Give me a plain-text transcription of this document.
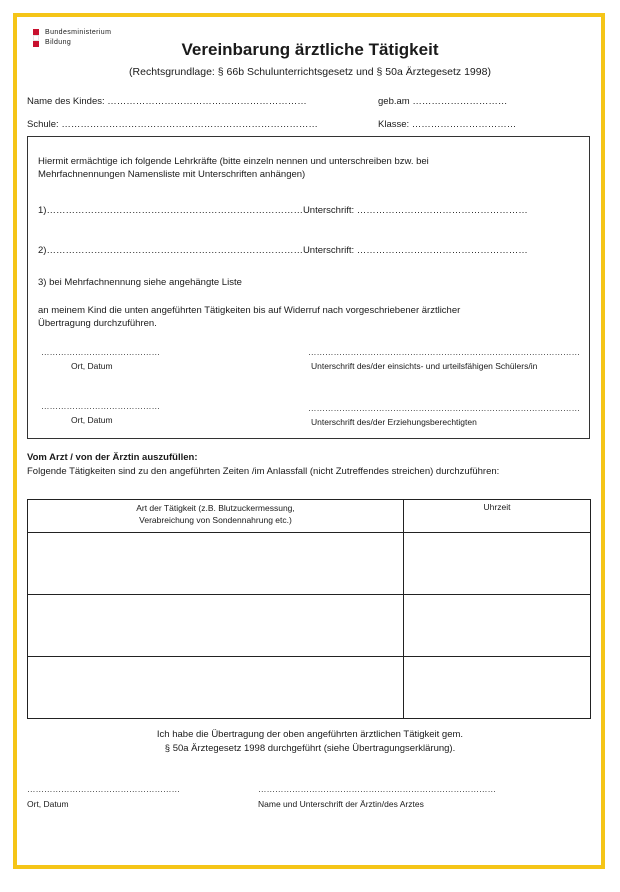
Bundesministerium
Bildung	Vereinbarung ärztliche Tätigkeit
(Rechtsgrundlage: § 66b Schulunterrichtsgesetz und § 50a Ärztegesetz 1998)
Name des Kindes: ………………………………………………………	geb.am …………………………
Schule: ………………………………………………………………………	Klasse: ……………………………
Hiermit ermächtige ich folgende Lehrkräfte (bitte einzeln nennen und unterschreiben bzw. bei
Mehrfachnennungen Namensliste mit Unterschriften anhängen)
1)………………………………………………………………………Unterschrift: ………………………………………………
2)………………………………………………………………………Unterschrift: ………………………………………………
3) bei Mehrfachnennung siehe angehängte Liste
an meinem Kind die unten angeführten Tätigkeiten bis auf Widerruf nach vorgeschriebener ärztlicher
Übertragung durchzuführen.
……………………………………
Ort, Datum
……………………………………………………………………………………
Unterschrift des/der einsichts- und urteilsfähigen Schülers/in
……………………………………
Ort, Datum
……………………………………………………………………………………
Unterschrift des/der Erziehungsberechtigten
Vom Arzt / von der Ärztin auszufüllen:
Folgende Tätigkeiten sind zu den angeführten Zeiten /im Anlassfall (nicht Zutreffendes streichen) durchzuführen:
Art der Tätigkeit (z.B. Blutzuckermessung,
Verabreichung von Sondennahrung etc.)	Uhrzeit

Ich habe die Übertragung der oben angeführten ärztlichen Tätigkeit gem.
§ 50a Ärztegesetz 1998 durchgeführt (siehe Übertragungserklärung).
………………………………………………
Ort, Datum
…………………………………………………………………………
Name und Unterschrift der Ärztin/des Arztes
